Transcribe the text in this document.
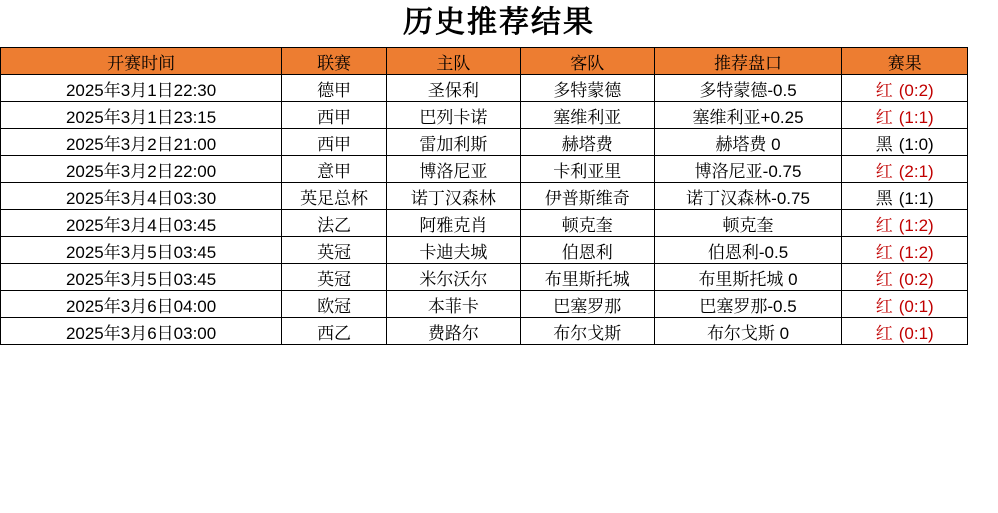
历史推荐结果
开赛时间	联赛	主队	客队	推荐盘口	赛果
2025年3月1日22:30	德甲	圣保利	多特蒙德	多特蒙德-0.5	红 (0:2)
2025年3月1日23:15	西甲	巴列卡诺	塞维利亚	塞维利亚+0.25	红 (1:1)
2025年3月2日21:00	西甲	雷加利斯	赫塔费	赫塔费 0	黑 (1:0)
2025年3月2日22:00	意甲	博洛尼亚	卡利亚里	博洛尼亚-0.75	红 (2:1)
2025年3月4日03:30	英足总杯	诺丁汉森林	伊普斯维奇	诺丁汉森林-0.75	黑 (1:1)
2025年3月4日03:45	法乙	阿雅克肖	顿克奎	顿克奎	红 (1:2)
2025年3月5日03:45	英冠	卡迪夫城	伯恩利	伯恩利-0.5	红 (1:2)
2025年3月5日03:45	英冠	米尔沃尔	布里斯托城	布里斯托城 0	红 (0:2)
2025年3月6日04:00	欧冠	本菲卡	巴塞罗那	巴塞罗那-0.5	红 (0:1)
2025年3月6日03:00	西乙	费路尔	布尔戈斯	布尔戈斯 0	红 (0:1)
